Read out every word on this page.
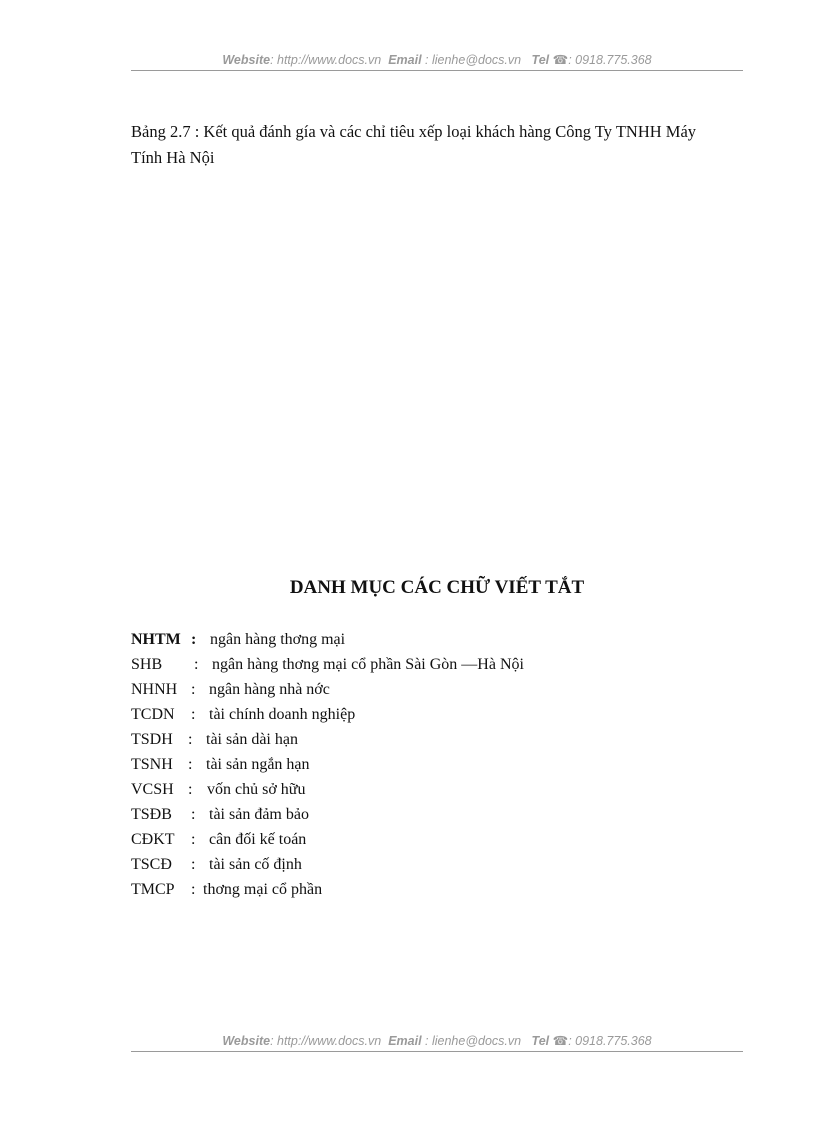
Website: http://www.docs.vn Email : lienhe@docs.vn Tel ☎: 0918.775.368
Bảng 2.7 : Kết quả đánh gía và các chỉ tiêu xếp loại khách hàng Công Ty TNHH Máy
Tính Hà Nội
DANH MỤC CÁC CHỮ VIẾT TẮT
NHTM : ngân hàng thơng mại
SHB : ngân hàng thơng mại cổ phần Sài Gòn —Hà Nội
NHNH : ngân hàng nhà nớc
TCDN : tài chính doanh nghiệp
TSDH : tài sản dài hạn
TSNH : tài sản ngắn hạn
VCSH : vốn chủ sở hữu
TSĐB : tài sản đảm bảo
CĐKT : cân đối kế toán
TSCĐ : tài sản cố định
TMCP : thơng mại cổ phần
Website: http://www.docs.vn Email : lienhe@docs.vn Tel ☎: 0918.775.368
